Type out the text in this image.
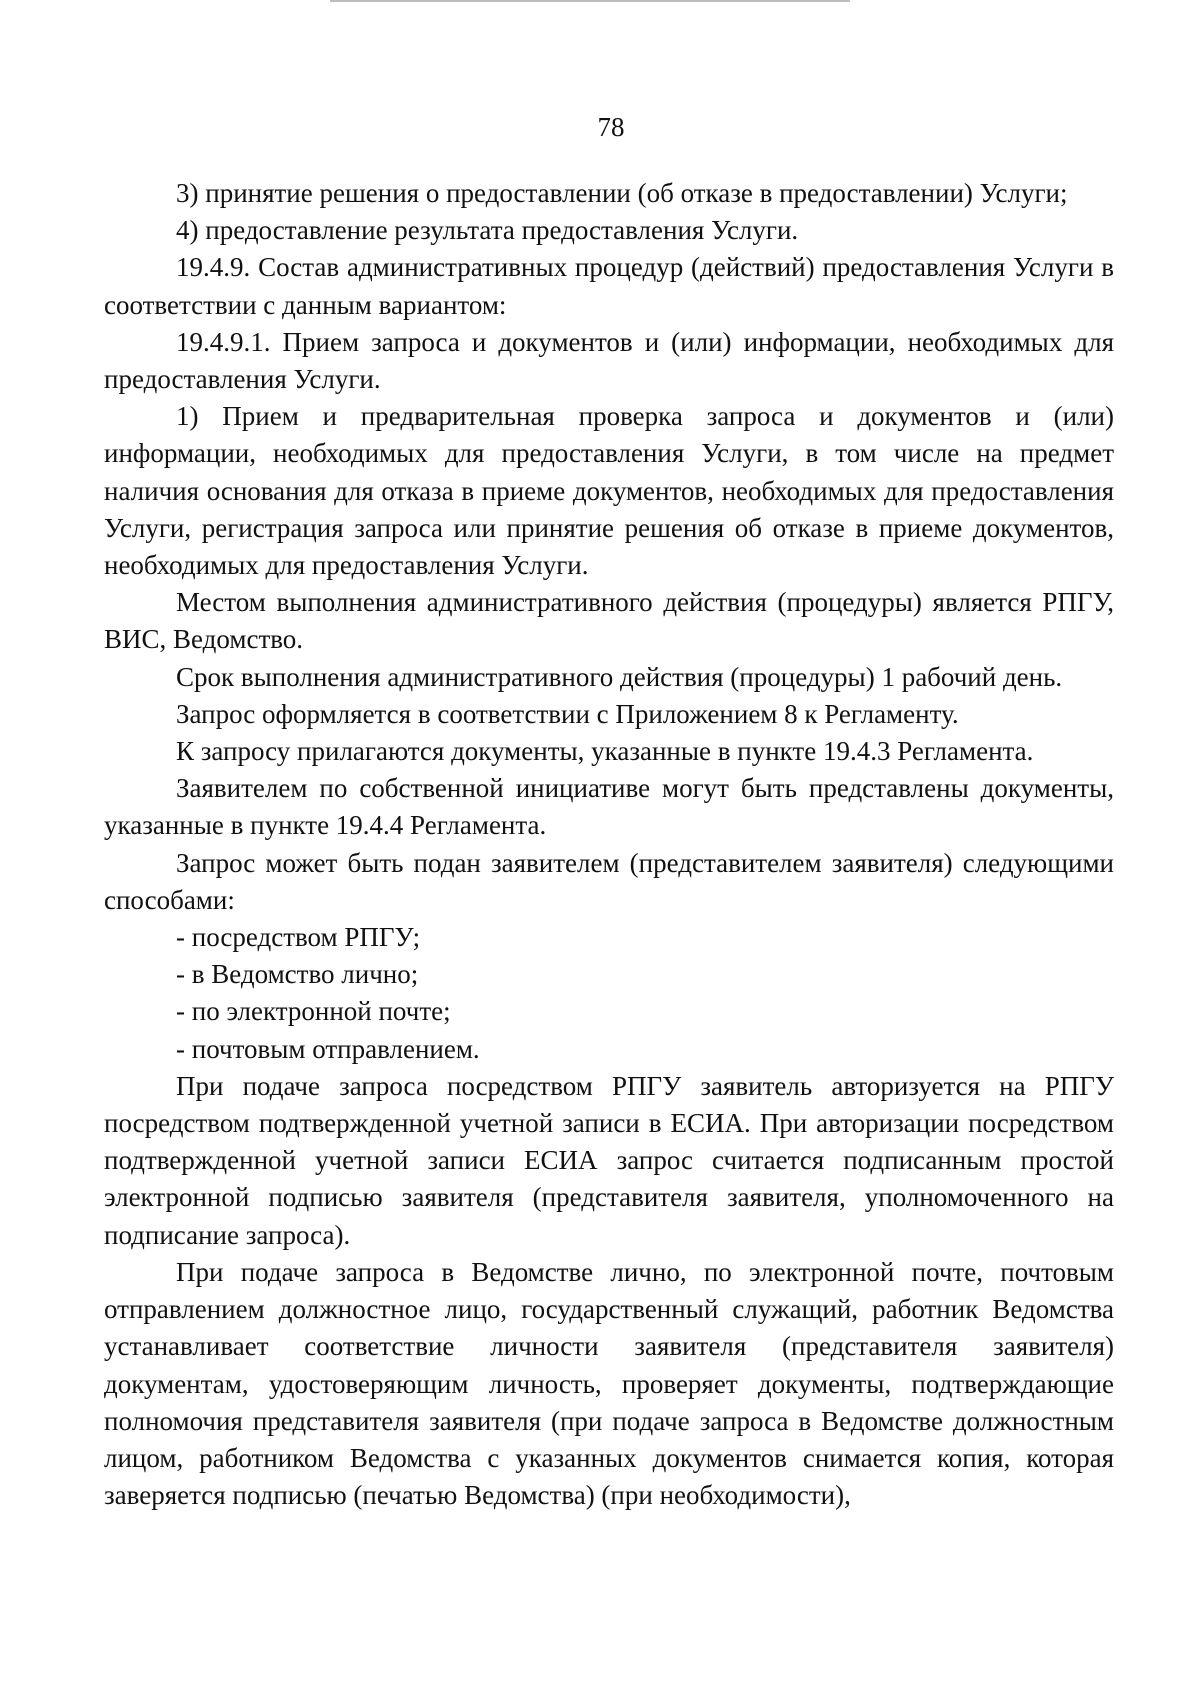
78

3) принятие решения о предоставлении (об отказе в предоставлении) Услуги;

4) предоставление результата предоставления Услуги.

19.4.9. Состав административных процедур (действий) предоставления Услуги в соответствии с данным вариантом:

19.4.9.1. Прием запроса и документов и (или) информации, необходимых для предоставления Услуги.

1) Прием и предварительная проверка запроса и документов и (или) информации, необходимых для предоставления Услуги, в том числе на предмет наличия основания для отказа в приеме документов, необходимых для предоставления Услуги, регистрация запроса или принятие решения об отказе в приеме документов, необходимых для предоставления Услуги.

Местом выполнения административного действия (процедуры) является РПГУ, ВИС, Ведомство.

Срок выполнения административного действия (процедуры) 1 рабочий день.

Запрос оформляется в соответствии с Приложением 8 к Регламенту.

К запросу прилагаются документы, указанные в пункте 19.4.3 Регламента.

Заявителем по собственной инициативе могут быть представлены документы, указанные в пункте 19.4.4 Регламента.

Запрос может быть подан заявителем (представителем заявителя) следующими способами:

- посредством РПГУ;

- в Ведомство лично;

- по электронной почте;

- почтовым отправлением.

При подаче запроса посредством РПГУ заявитель авторизуется на РПГУ посредством подтвержденной учетной записи в ЕСИА. При авторизации посредством подтвержденной учетной записи ЕСИА запрос считается подписанным простой электронной подписью заявителя (представителя заявителя, уполномоченного на подписание запроса).

При подаче запроса в Ведомстве лично, по электронной почте, почтовым отправлением должностное лицо, государственный служащий, работник Ведомства устанавливает соответствие личности заявителя (представителя заявителя) документам, удостоверяющим личность, проверяет документы, подтверждающие полномочия представителя заявителя (при подаче запроса в Ведомстве должностным лицом, работником Ведомства с указанных документов снимается копия, которая заверяется подписью (печатью Ведомства) (при необходимости),
